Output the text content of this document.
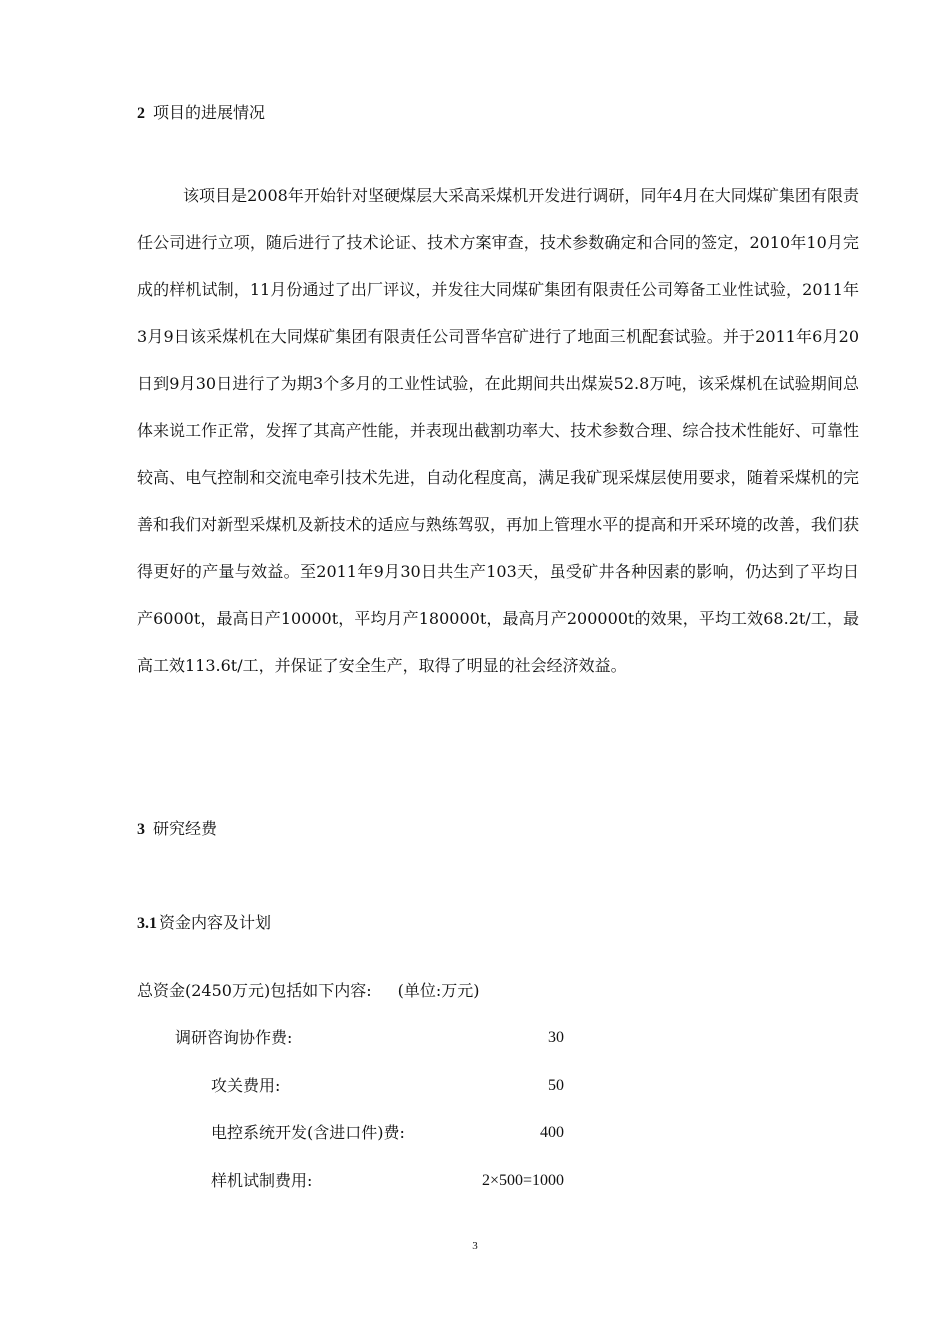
2 项目的进展情况

该项目是2008年开始针对坚硬煤层大采高采煤机开发进行调研，同年4月在大同煤矿集团有限责任公司进行立项，随后进行了技术论证、技术方案审查，技术参数确定和合同的签定，2010年10月完成的样机试制，11月份通过了出厂评议，并发往大同煤矿集团有限责任公司筹备工业性试验，2011年3月9日该采煤机在大同煤矿集团有限责任公司晋华宫矿进行了地面三机配套试验。并于2011年6月20日到9月30日进行了为期3个多月的工业性试验，在此期间共出煤炭52.8万吨，该采煤机在试验期间总体来说工作正常，发挥了其高产性能，并表现出截割功率大、技术参数合理、综合技术性能好、可靠性较高、电气控制和交流电牵引技术先进，自动化程度高，满足我矿现采煤层使用要求，随着采煤机的完善和我们对新型采煤机及新技术的适应与熟练驾驭，再加上管理水平的提高和开采环境的改善，我们获得更好的产量与效益。至2011年9月30日共生产103天，虽受矿井各种因素的影响，仍达到了平均日产6000t，最高日产10000t，平均月产180000t，最高月产200000t的效果，平均工效68.2t/工，最高工效113.6t/工，并保证了安全生产，取得了明显的社会经济效益。

3 研究经费
3.1 资金内容及计划
总资金(2450万元)包括如下内容: (单位:万元)
调研咨询协作费:	30
攻关费用:	50
电控系统开发(含进口件)费:	400
样机试制费用:	2×500=1000
3
